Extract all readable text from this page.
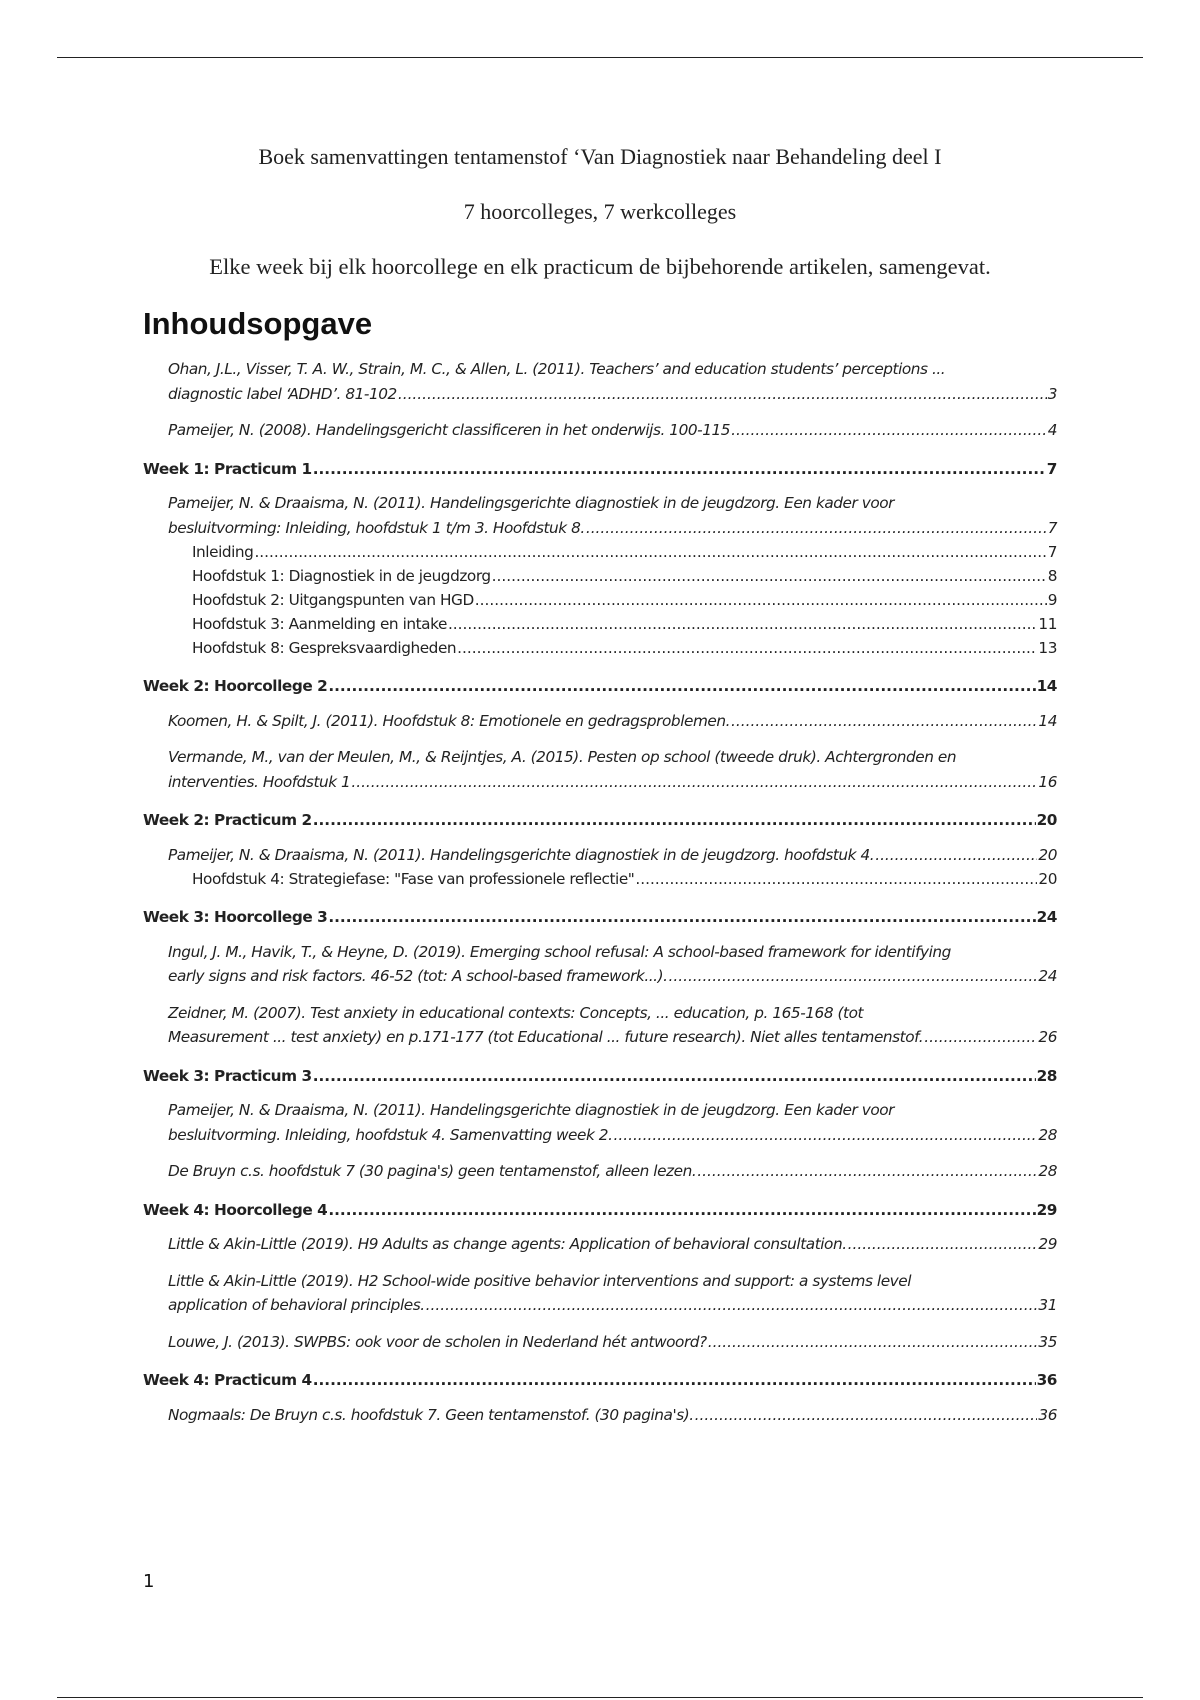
Boek samenvattingen tentamenstof ‘Van Diagnostiek naar Behandeling deel I
7 hoorcolleges, 7 werkcolleges
Elke week bij elk hoorcollege en elk practicum de bijbehorende artikelen, samengevat.
Inhoudsopgave
Ohan, J.L., Visser, T. A. W., Strain, M. C., & Allen, L. (2011). Teachers’ and education students’ perceptions ...
diagnostic label ‘ADHD’. 81-102 .....	3
Pameijer, N. (2008). Handelingsgericht classificeren in het onderwijs. 100-115 .....	4
Week 1: Practicum 1 .....	7
Pameijer, N. & Draaisma, N. (2011). Handelingsgerichte diagnostiek in de jeugdzorg. Een kader voor
besluitvorming: Inleiding, hoofdstuk 1 t/m 3. Hoofdstuk 8. .....	7
Inleiding .....	7
Hoofdstuk 1: Diagnostiek in de jeugdzorg .....	8
Hoofdstuk 2: Uitgangspunten van HGD .....	9
Hoofdstuk 3: Aanmelding en intake .....	11
Hoofdstuk 8: Gespreksvaardigheden .....	13
Week 2: Hoorcollege 2 .....	14
Koomen, H. & Spilt, J. (2011). Hoofdstuk 8: Emotionele en gedragsproblemen. .....	14
Vermande, M., van der Meulen, M., & Reijntjes, A. (2015). Pesten op school (tweede druk). Achtergronden en
interventies. Hoofdstuk 1 .....	16
Week 2: Practicum 2 .....	20
Pameijer, N. & Draaisma, N. (2011). Handelingsgerichte diagnostiek in de jeugdzorg. hoofdstuk 4. .....	20
Hoofdstuk 4: Strategiefase: "Fase van professionele reflectie" .....	20
Week 3: Hoorcollege 3 .....	24
Ingul, J. M., Havik, T., & Heyne, D. (2019). Emerging school refusal: A school-based framework for identifying
early signs and risk factors. 46-52 (tot: A school-based framework...). .....	24
Zeidner, M. (2007). Test anxiety in educational contexts: Concepts, ... education, p. 165-168 (tot
Measurement ... test anxiety) en p.171-177 (tot Educational ... future research). Niet alles tentamenstof. .....	26
Week 3: Practicum 3 .....	28
Pameijer, N. & Draaisma, N. (2011). Handelingsgerichte diagnostiek in de jeugdzorg. Een kader voor
besluitvorming. Inleiding, hoofdstuk 4. Samenvatting week 2. .....	28
De Bruyn c.s. hoofdstuk 7 (30 pagina's) geen tentamenstof, alleen lezen. .....	28
Week 4: Hoorcollege 4 .....	29
Little & Akin-Little (2019). H9 Adults as change agents: Application of behavioral consultation. .....	29
Little & Akin-Little (2019). H2 School-wide positive behavior interventions and support: a systems level
application of behavioral principles. .....	31
Louwe, J. (2013). SWPBS: ook voor de scholen in Nederland hét antwoord? .....	35
Week 4: Practicum 4 .....	36
Nogmaals: De Bruyn c.s. hoofdstuk 7. Geen tentamenstof. (30 pagina's). .....	36
1
